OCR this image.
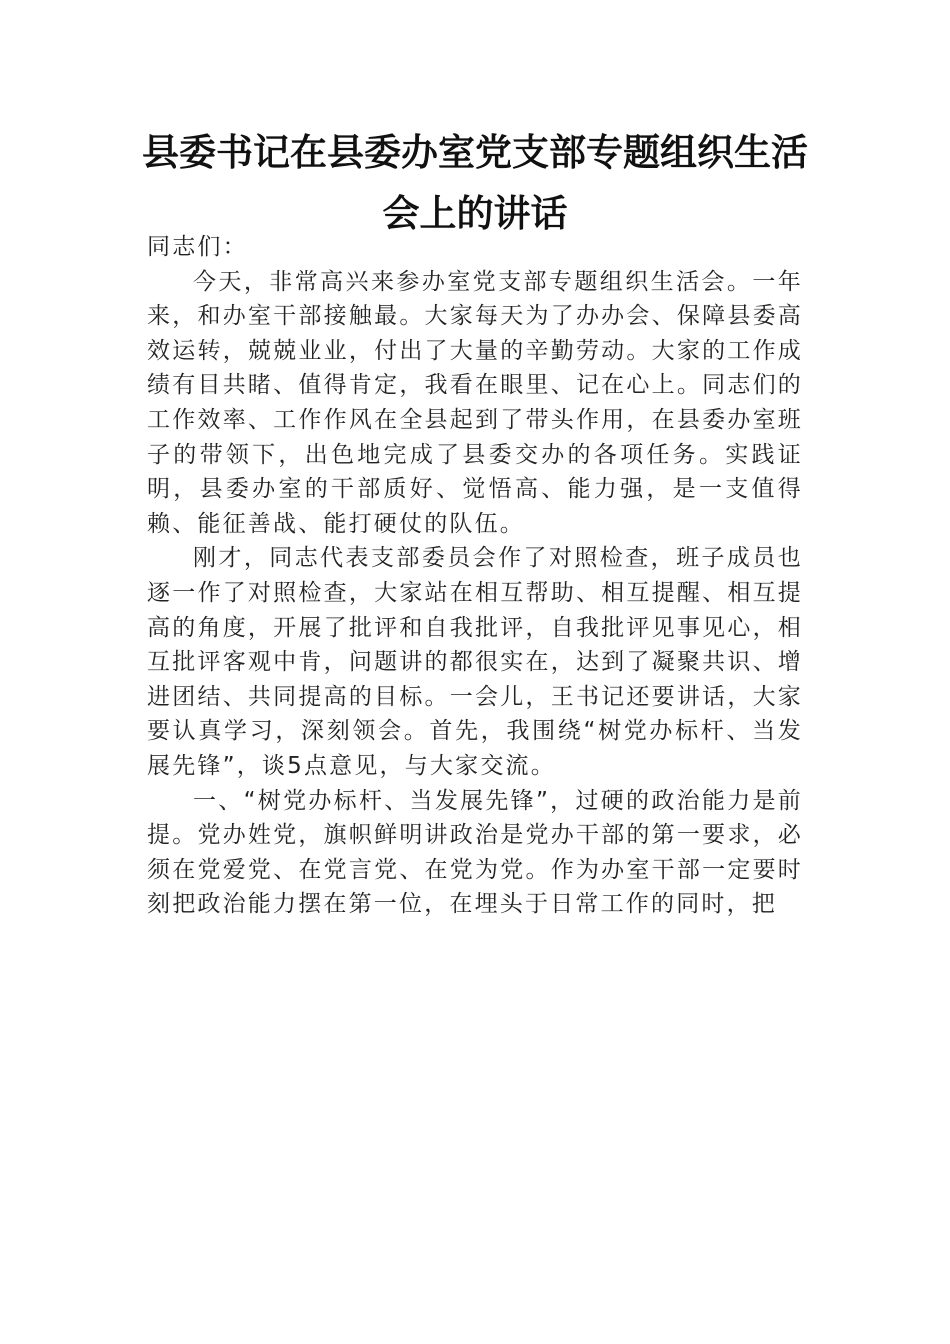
县委书记在县委办室党支部专题组织生活
会上的讲话

同志们：

今天，非常高兴来参办室党支部专题组织生活会。一年来，和办室干部接触最。大家每天为了办办会、保障县委高效运转，兢兢业业，付出了大量的辛勤劳动。大家的工作成绩有目共睹、值得肯定，我看在眼里、记在心上。同志们的工作效率、工作作风在全县起到了带头作用，在县委办室班子的带领下，出色地完成了县委交办的各项任务。实践证明，县委办室的干部质好、觉悟高、能力强，是一支值得赖、能征善战、能打硬仗的队伍。

刚才，同志代表支部委员会作了对照检查，班子成员也逐一作了对照检查，大家站在相互帮助、相互提醒、相互提高的角度，开展了批评和自我批评，自我批评见事见心，相互批评客观中肯，问题讲的都很实在，达到了凝聚共识、增进团结、共同提高的目标。一会儿，王书记还要讲话，大家要认真学习，深刻领会。首先，我围绕“树党办标杆、当发展先锋”，谈5点意见，与大家交流。

一、“树党办标杆、当发展先锋”，过硬的政治能力是前提。党办姓党，旗帜鲜明讲政治是党办干部的第一要求，必须在党爱党、在党言党、在党为党。作为办室干部一定要时刻把政治能力摆在第一位，在埋头于日常工作的同时，把
